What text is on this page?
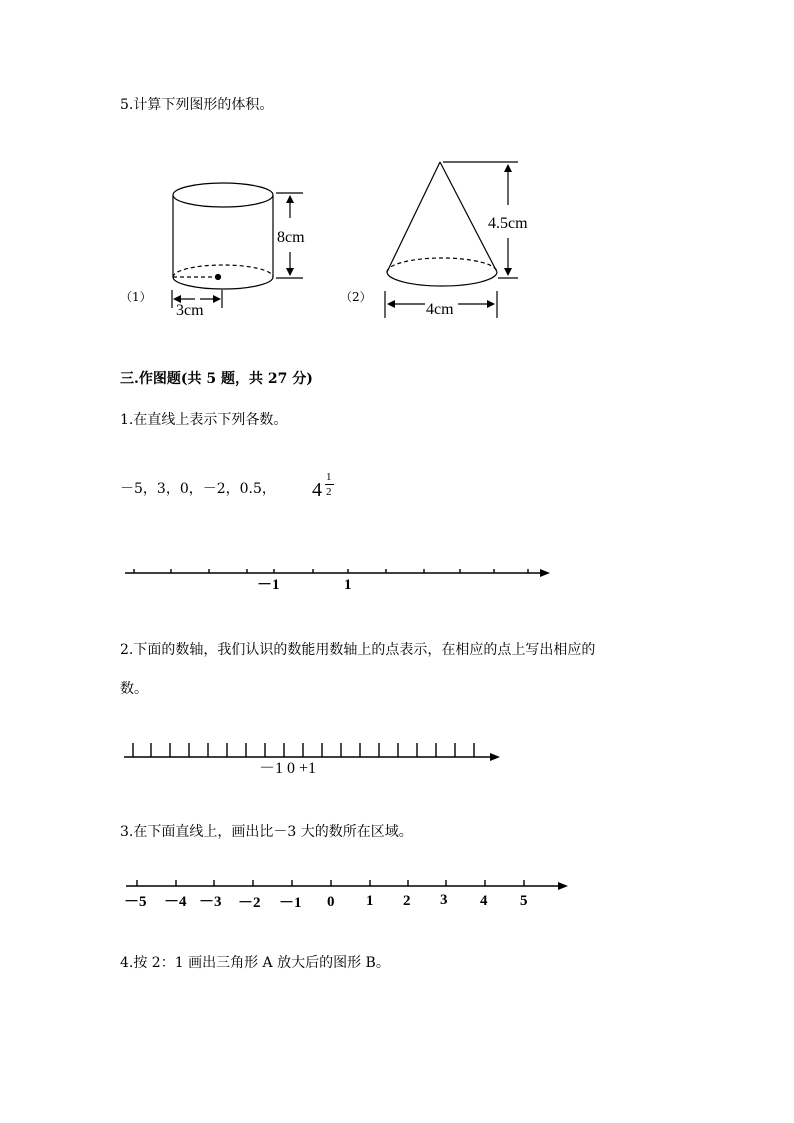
5.计算下列图形的体积。
8cm
（1）
3cm
4.5cm
（2）
4cm
三.作图题(共 5 题，共 27 分)
1.在直线上表示下列各数。
－5，3，0，－2，0.5， 4
1
2
－1	1
2.下面的数轴，我们认识的数能用数轴上的点表示，在相应的点上写出相应的
数。
－1 0 +1
3.在下面直线上，画出比－3 大的数所在区域。
－5 －4 －3 －2 －1 0 1 2 3 4 5
4.按 2：1 画出三角形 A 放大后的图形 B。
